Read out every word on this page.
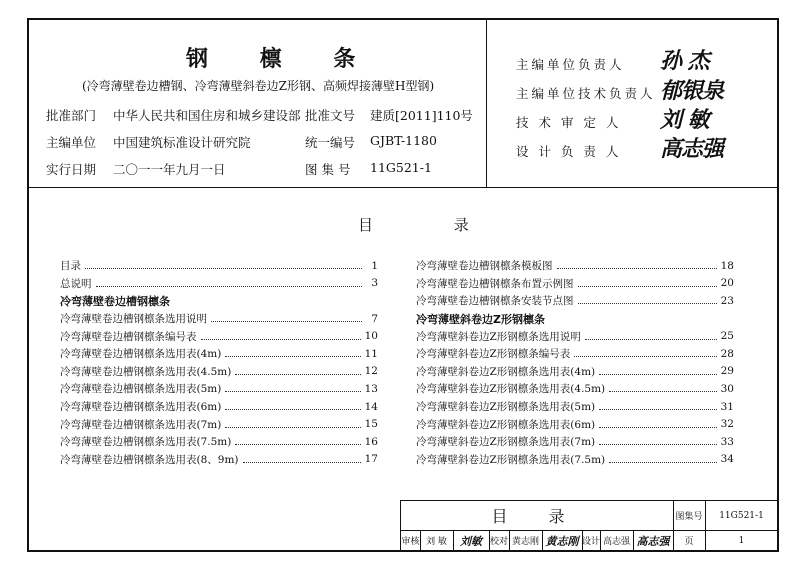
钢 檩 条
(冷弯薄壁卷边槽钢、冷弯薄壁斜卷边Z形钢、高频焊接薄壁H型钢)
批准部门 中华人民共和国住房和城乡建设部 批准文号 建质[2011]110号
主编单位 中国建筑标准设计研究院	统一编号 GJBT-1180
实行日期 二〇一一年九月一日	图 集 号 11G521-1
主编单位负责人 孙 杰
主编单位技术负责人 郁银泉
技 术 审 定 人 刘 敏
设 计 负 责 人 高志强
目 录
目录	1
总说明	3
冷弯薄壁卷边槽钢檩条
冷弯薄壁卷边槽钢檩条选用说明	7
冷弯薄壁卷边槽钢檩条编号表	10
冷弯薄壁卷边槽钢檩条选用表(4m)	11
冷弯薄壁卷边槽钢檩条选用表(4.5m)	12
冷弯薄壁卷边槽钢檩条选用表(5m)	13
冷弯薄壁卷边槽钢檩条选用表(6m)	14
冷弯薄壁卷边槽钢檩条选用表(7m)	15
冷弯薄壁卷边槽钢檩条选用表(7.5m)	16
冷弯薄壁卷边槽钢檩条选用表(8、9m)	17
冷弯薄壁卷边槽钢檩条模板图	18
冷弯薄壁卷边槽钢檩条布置示例图	20
冷弯薄壁卷边槽钢檩条安装节点图	23
冷弯薄壁斜卷边Z形钢檩条
冷弯薄壁斜卷边Z形钢檩条选用说明	25
冷弯薄壁斜卷边Z形钢檩条编号表	28
冷弯薄壁斜卷边Z形钢檩条选用表(4m)	29
冷弯薄壁斜卷边Z形钢檩条选用表(4.5m)	30
冷弯薄壁斜卷边Z形钢檩条选用表(5m)	31
冷弯薄壁斜卷边Z形钢檩条选用表(6m)	32
冷弯薄壁斜卷边Z形钢檩条选用表(7m)	33
冷弯薄壁斜卷边Z形钢檩条选用表(7.5m)	34
目 录	图集号	11G521-1
审核 刘 敏	刘敏 校对 黄志刚 黄志刚 设计 高志强 高志强	页	1
